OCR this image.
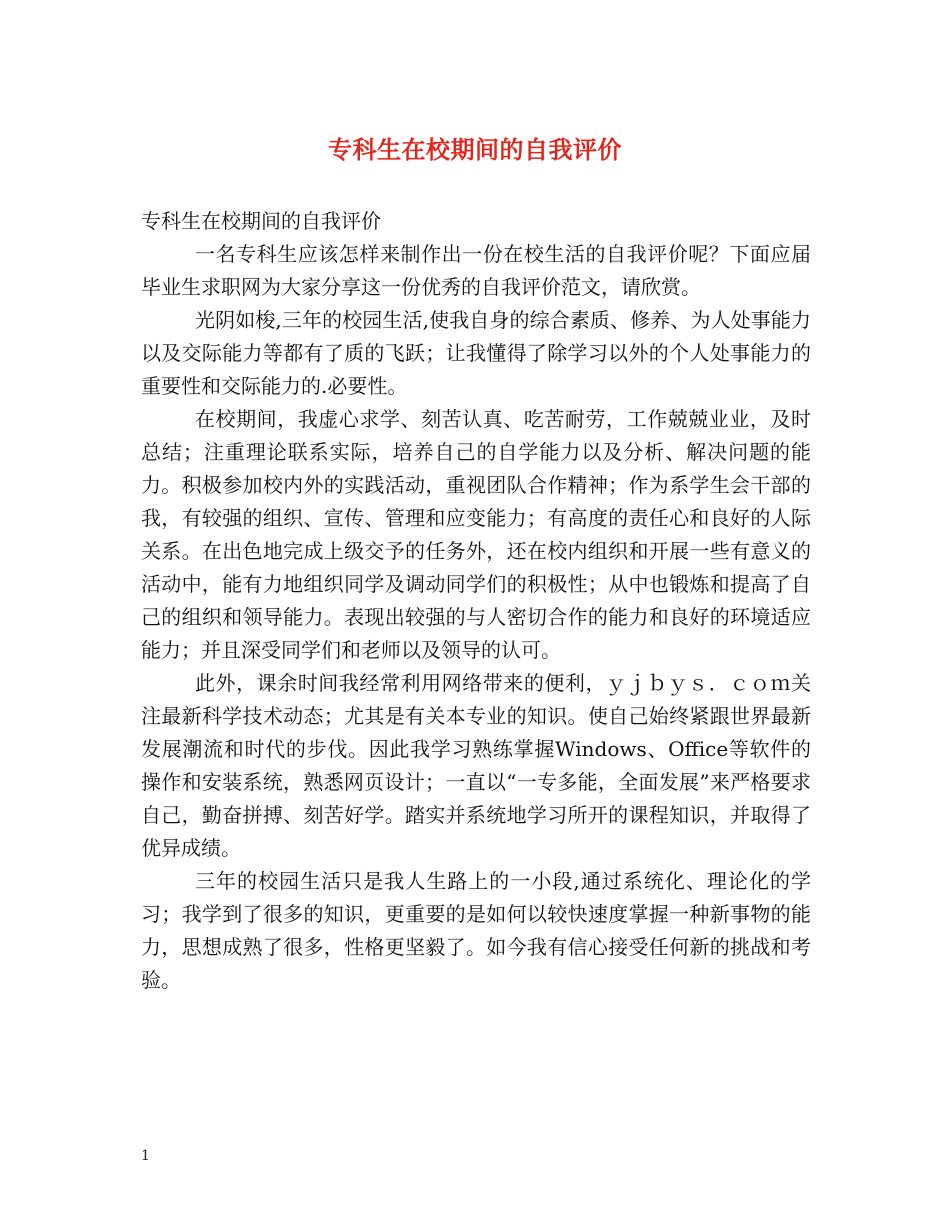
专科生在校期间的自我评价

专科生在校期间的自我评价

一名专科生应该怎样来制作出一份在校生活的自我评价呢？下面应届毕业生求职网为大家分享这一份优秀的自我评价范文，请欣赏。

光阴如梭,三年的校园生活,使我自身的综合素质、修养、为人处事能力以及交际能力等都有了质的飞跃；让我懂得了除学习以外的个人处事能力的重要性和交际能力的.必要性。

在校期间，我虚心求学、刻苦认真、吃苦耐劳，工作兢兢业业，及时总结；注重理论联系实际，培养自己的自学能力以及分析、解决问题的能力。积极参加校内外的实践活动，重视团队合作精神；作为系学生会干部的我，有较强的组织、宣传、管理和应变能力；有高度的责任心和良好的人际关系。在出色地完成上级交予的任务外，还在校内组织和开展一些有意义的活动中，能有力地组织同学及调动同学们的积极性；从中也锻炼和提高了自己的组织和领导能力。表现出较强的与人密切合作的能力和良好的环境适应能力；并且深受同学们和老师以及领导的认可。

此外，课余时间我经常利用网络带来的便利，ｙｊｂｙｓ．ｃｏｍ关注最新科学技术动态；尤其是有关本专业的知识。使自己始终紧跟世界最新发展潮流和时代的步伐。因此我学习熟练掌握Windows、Office等软件的操作和安装系统，熟悉网页设计；一直以“一专多能，全面发展”来严格要求自己，勤奋拼搏、刻苦好学。踏实并系统地学习所开的课程知识，并取得了优异成绩。

三年的校园生活只是我人生路上的一小段,通过系统化、理论化的学习；我学到了很多的知识，更重要的是如何以较快速度掌握一种新事物的能力，思想成熟了很多，性格更坚毅了。如今我有信心接受任何新的挑战和考验。

1
